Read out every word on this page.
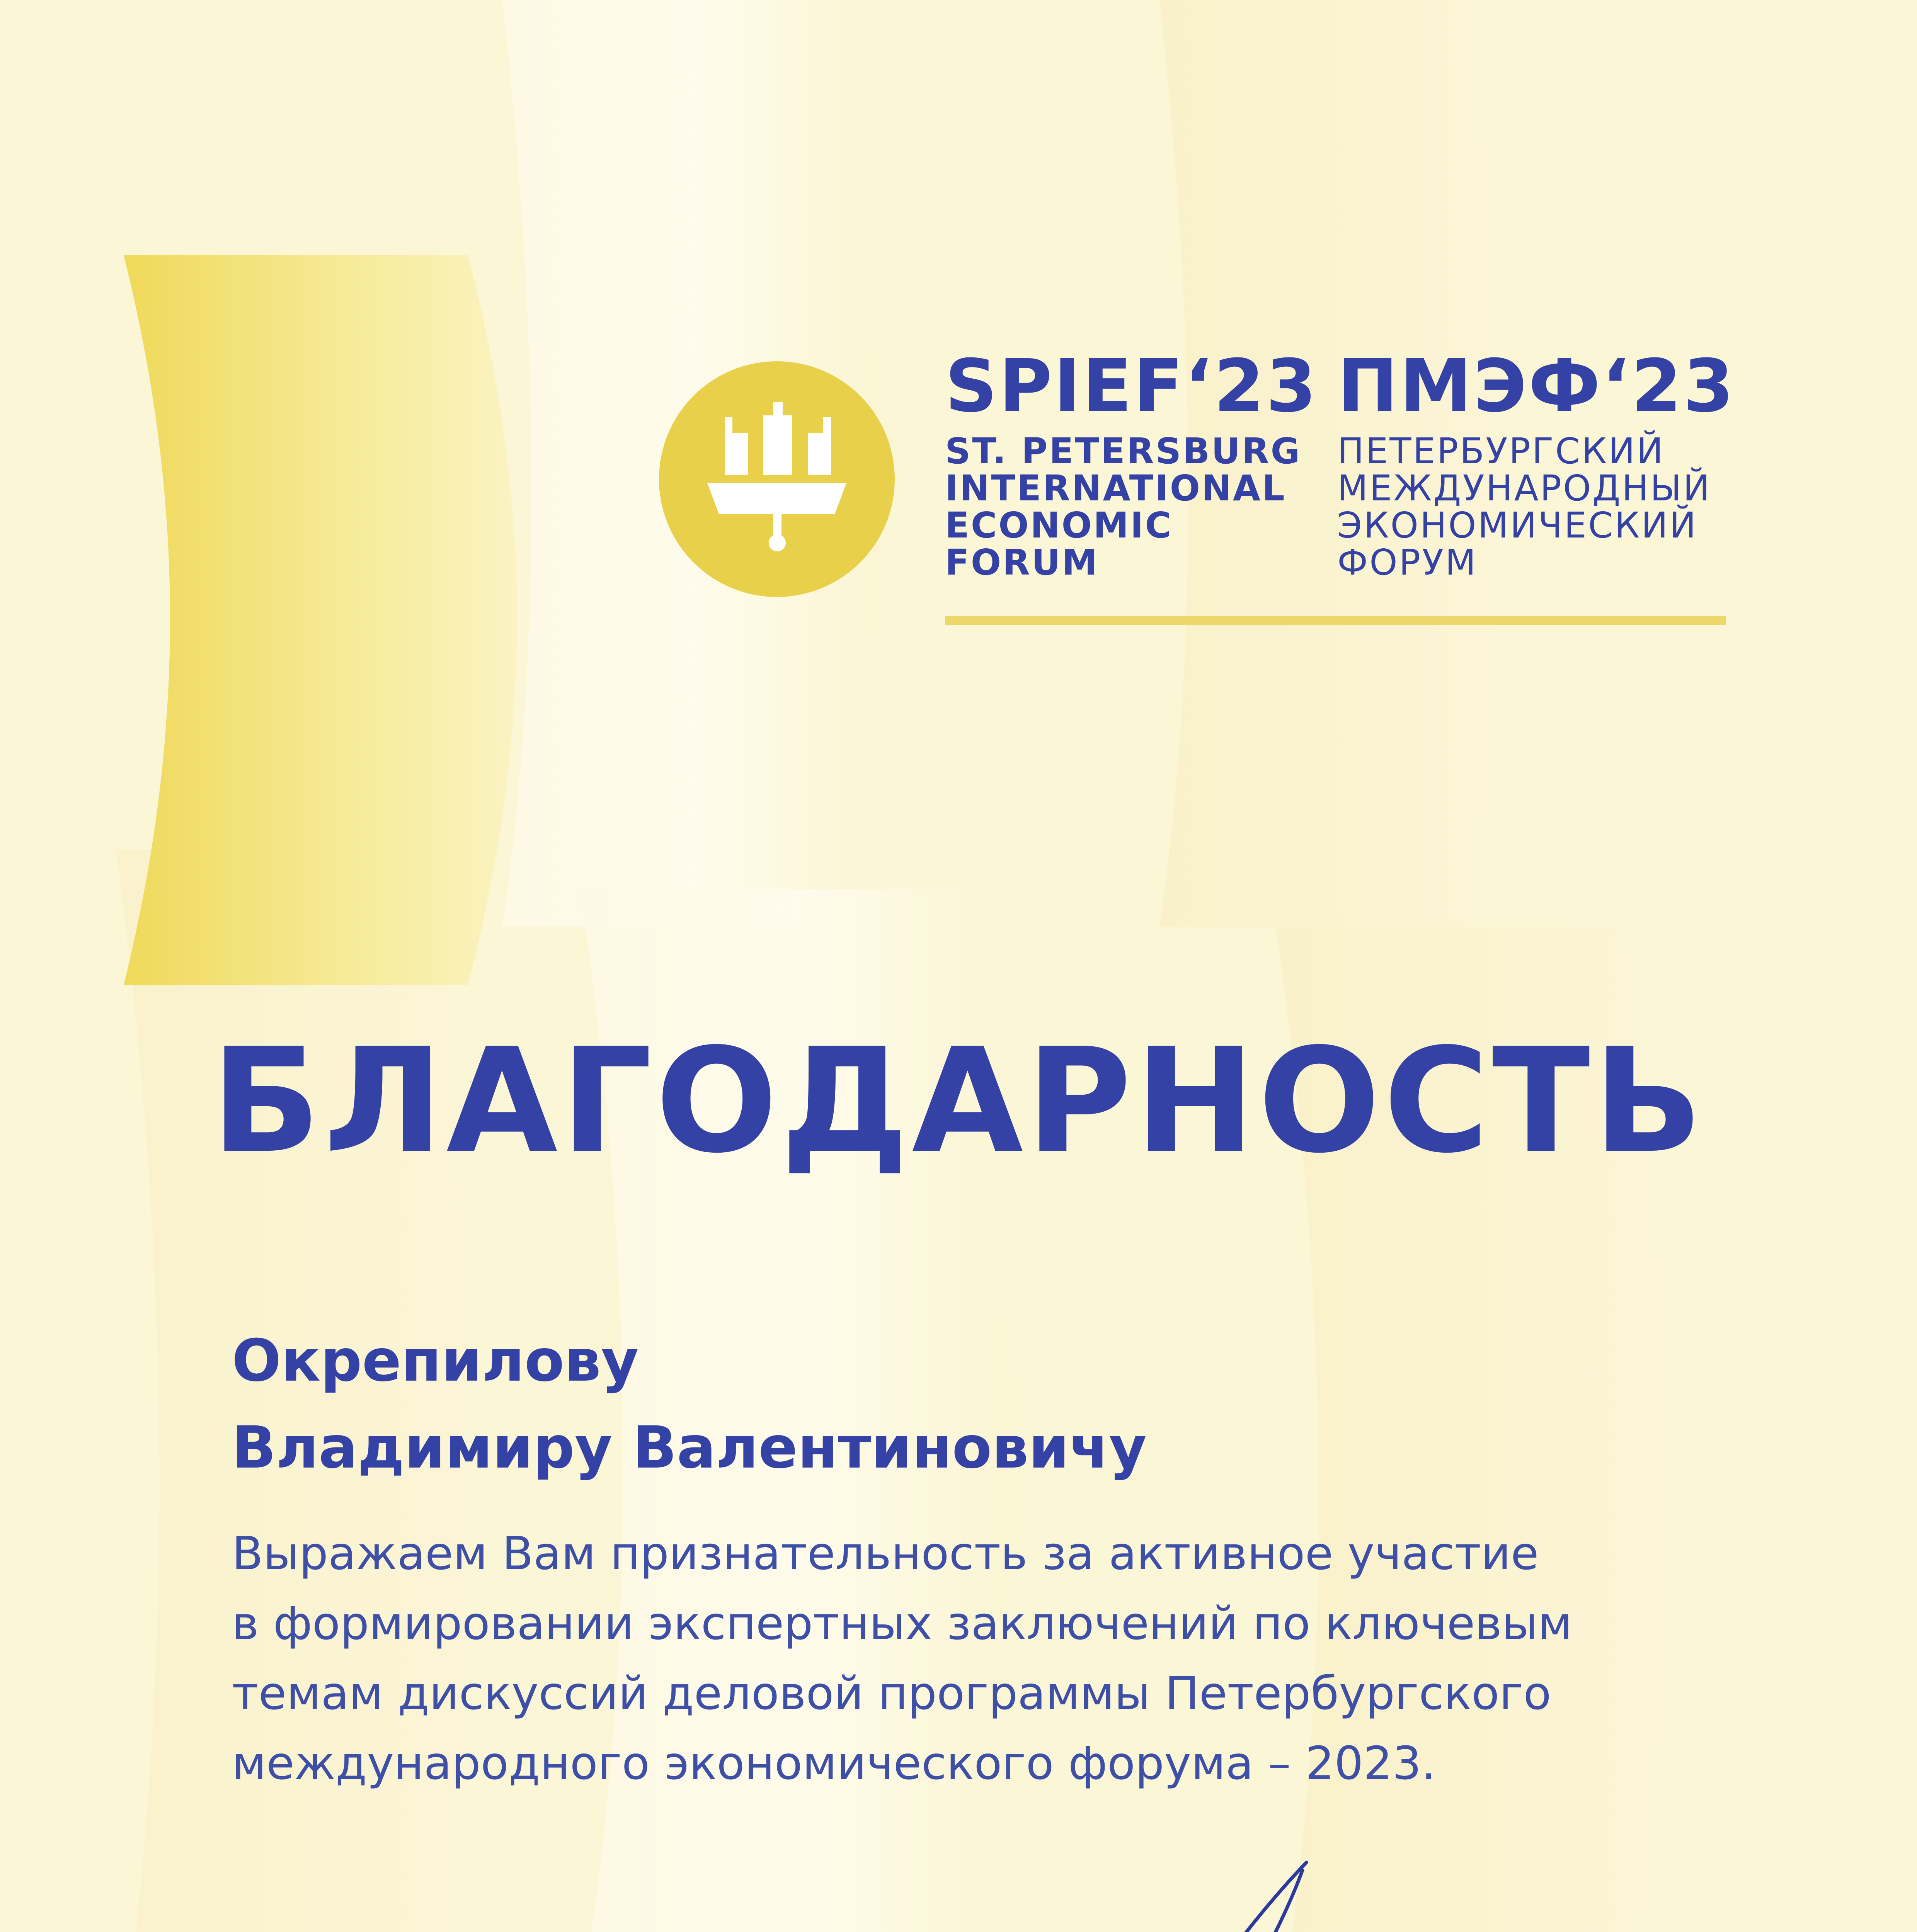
SPIEF‘23
ST. PETERSBURG
INTERNATIONAL
ECONOMIC
FORUM
ПМЭФ‘23
ПЕТЕРБУРГСКИЙ
МЕЖДУНАРОДНЫЙ
ЭКОНОМИЧЕСКИЙ
ФОРУМ
БЛАГОДАРНОСТЬ
Окрепилову
Владимиру Валентиновичу
Выражаем Вам признательность за активное участие
в формировании экспертных заключений по ключевым
темам дискуссий деловой программы Петербургского
международного экономического форума – 2023.
